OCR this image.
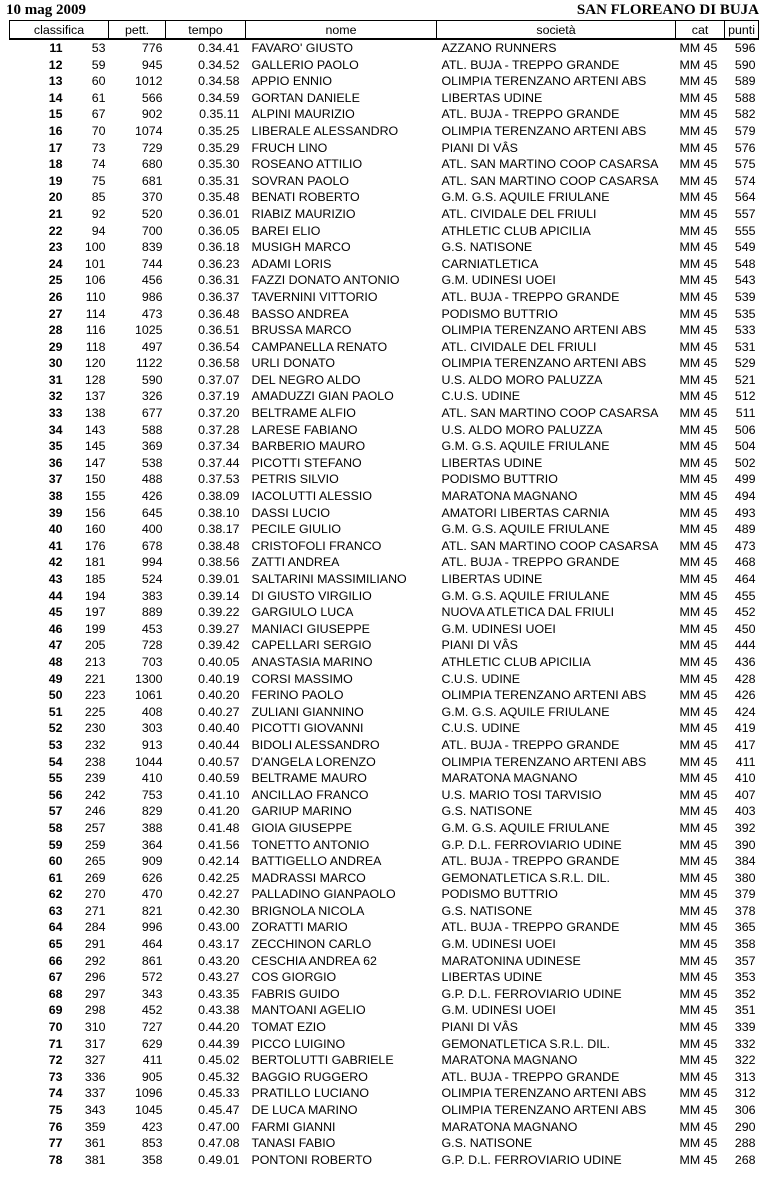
10 mag 2009	SAN FLOREANO DI BUJA
classifica		pett.	tempo	nome	società	cat	punti
11	53	776	0.34.41	FAVARO' GIUSTO	AZZANO RUNNERS	MM 45	596
12	59	945	0.34.52	GALLERIO PAOLO	ATL. BUJA - TREPPO GRANDE	MM 45	590
13	60	1012	0.34.58	APPIO ENNIO	OLIMPIA TERENZANO ARTENI ABS	MM 45	589
14	61	566	0.34.59	GORTAN DANIELE	LIBERTAS UDINE	MM 45	588
15	67	902	0.35.11	ALPINI MAURIZIO	ATL. BUJA - TREPPO GRANDE	MM 45	582
16	70	1074	0.35.25	LIBERALE ALESSANDRO	OLIMPIA TERENZANO ARTENI ABS	MM 45	579
17	73	729	0.35.29	FRUCH LINO	PIANI DI VÂS	MM 45	576
18	74	680	0.35.30	ROSEANO ATTILIO	ATL. SAN MARTINO COOP CASARSA	MM 45	575
19	75	681	0.35.31	SOVRAN PAOLO	ATL. SAN MARTINO COOP CASARSA	MM 45	574
20	85	370	0.35.48	BENATI ROBERTO	G.M. G.S. AQUILE FRIULANE	MM 45	564
21	92	520	0.36.01	RIABIZ MAURIZIO	ATL. CIVIDALE DEL FRIULI	MM 45	557
22	94	700	0.36.05	BAREI ELIO	ATHLETIC CLUB APICILIA	MM 45	555
23	100	839	0.36.18	MUSIGH MARCO	G.S. NATISONE	MM 45	549
24	101	744	0.36.23	ADAMI LORIS	CARNIATLETICA	MM 45	548
25	106	456	0.36.31	FAZZI DONATO ANTONIO	G.M. UDINESI UOEI	MM 45	543
26	110	986	0.36.37	TAVERNINI VITTORIO	ATL. BUJA - TREPPO GRANDE	MM 45	539
27	114	473	0.36.48	BASSO ANDREA	PODISMO BUTTRIO	MM 45	535
28	116	1025	0.36.51	BRUSSA MARCO	OLIMPIA TERENZANO ARTENI ABS	MM 45	533
29	118	497	0.36.54	CAMPANELLA RENATO	ATL. CIVIDALE DEL FRIULI	MM 45	531
30	120	1122	0.36.58	URLI DONATO	OLIMPIA TERENZANO ARTENI ABS	MM 45	529
31	128	590	0.37.07	DEL NEGRO ALDO	U.S. ALDO MORO PALUZZA	MM 45	521
32	137	326	0.37.19	AMADUZZI GIAN PAOLO	C.U.S. UDINE	MM 45	512
33	138	677	0.37.20	BELTRAME ALFIO	ATL. SAN MARTINO COOP CASARSA	MM 45	511
34	143	588	0.37.28	LARESE FABIANO	U.S. ALDO MORO PALUZZA	MM 45	506
35	145	369	0.37.34	BARBERIO MAURO	G.M. G.S. AQUILE FRIULANE	MM 45	504
36	147	538	0.37.44	PICOTTI STEFANO	LIBERTAS UDINE	MM 45	502
37	150	488	0.37.53	PETRIS SILVIO	PODISMO BUTTRIO	MM 45	499
38	155	426	0.38.09	IACOLUTTI ALESSIO	MARATONA MAGNANO	MM 45	494
39	156	645	0.38.10	DASSI LUCIO	AMATORI LIBERTAS CARNIA	MM 45	493
40	160	400	0.38.17	PECILE GIULIO	G.M. G.S. AQUILE FRIULANE	MM 45	489
41	176	678	0.38.48	CRISTOFOLI FRANCO	ATL. SAN MARTINO COOP CASARSA	MM 45	473
42	181	994	0.38.56	ZATTI ANDREA	ATL. BUJA - TREPPO GRANDE	MM 45	468
43	185	524	0.39.01	SALTARINI MASSIMILIANO	LIBERTAS UDINE	MM 45	464
44	194	383	0.39.14	DI GIUSTO VIRGILIO	G.M. G.S. AQUILE FRIULANE	MM 45	455
45	197	889	0.39.22	GARGIULO LUCA	NUOVA ATLETICA DAL FRIULI	MM 45	452
46	199	453	0.39.27	MANIACI GIUSEPPE	G.M. UDINESI UOEI	MM 45	450
47	205	728	0.39.42	CAPELLARI SERGIO	PIANI DI VÂS	MM 45	444
48	213	703	0.40.05	ANASTASIA MARINO	ATHLETIC CLUB APICILIA	MM 45	436
49	221	1300	0.40.19	CORSI MASSIMO	C.U.S. UDINE	MM 45	428
50	223	1061	0.40.20	FERINO PAOLO	OLIMPIA TERENZANO ARTENI ABS	MM 45	426
51	225	408	0.40.27	ZULIANI GIANNINO	G.M. G.S. AQUILE FRIULANE	MM 45	424
52	230	303	0.40.40	PICOTTI GIOVANNI	C.U.S. UDINE	MM 45	419
53	232	913	0.40.44	BIDOLI ALESSANDRO	ATL. BUJA - TREPPO GRANDE	MM 45	417
54	238	1044	0.40.57	D'ANGELA LORENZO	OLIMPIA TERENZANO ARTENI ABS	MM 45	411
55	239	410	0.40.59	BELTRAME MAURO	MARATONA MAGNANO	MM 45	410
56	242	753	0.41.10	ANCILLAO FRANCO	U.S. MARIO TOSI TARVISIO	MM 45	407
57	246	829	0.41.20	GARIUP MARINO	G.S. NATISONE	MM 45	403
58	257	388	0.41.48	GIOIA GIUSEPPE	G.M. G.S. AQUILE FRIULANE	MM 45	392
59	259	364	0.41.56	TONETTO ANTONIO	G.P. D.L. FERROVIARIO UDINE	MM 45	390
60	265	909	0.42.14	BATTIGELLO ANDREA	ATL. BUJA - TREPPO GRANDE	MM 45	384
61	269	626	0.42.25	MADRASSI MARCO	GEMONATLETICA S.R.L. DIL.	MM 45	380
62	270	470	0.42.27	PALLADINO GIANPAOLO	PODISMO BUTTRIO	MM 45	379
63	271	821	0.42.30	BRIGNOLA NICOLA	G.S. NATISONE	MM 45	378
64	284	996	0.43.00	ZORATTI MARIO	ATL. BUJA - TREPPO GRANDE	MM 45	365
65	291	464	0.43.17	ZECCHINON CARLO	G.M. UDINESI UOEI	MM 45	358
66	292	861	0.43.20	CESCHIA ANDREA 62	MARATONINA UDINESE	MM 45	357
67	296	572	0.43.27	COS GIORGIO	LIBERTAS UDINE	MM 45	353
68	297	343	0.43.35	FABRIS GUIDO	G.P. D.L. FERROVIARIO UDINE	MM 45	352
69	298	452	0.43.38	MANTOANI AGELIO	G.M. UDINESI UOEI	MM 45	351
70	310	727	0.44.20	TOMAT EZIO	PIANI DI VÂS	MM 45	339
71	317	629	0.44.39	PICCO LUIGINO	GEMONATLETICA S.R.L. DIL.	MM 45	332
72	327	411	0.45.02	BERTOLUTTI GABRIELE	MARATONA MAGNANO	MM 45	322
73	336	905	0.45.32	BAGGIO RUGGERO	ATL. BUJA - TREPPO GRANDE	MM 45	313
74	337	1096	0.45.33	PRATILLO LUCIANO	OLIMPIA TERENZANO ARTENI ABS	MM 45	312
75	343	1045	0.45.47	DE LUCA MARINO	OLIMPIA TERENZANO ARTENI ABS	MM 45	306
76	359	423	0.47.00	FARMI GIANNI	MARATONA MAGNANO	MM 45	290
77	361	853	0.47.08	TANASI FABIO	G.S. NATISONE	MM 45	288
78	381	358	0.49.01	PONTONI ROBERTO	G.P. D.L. FERROVIARIO UDINE	MM 45	268
